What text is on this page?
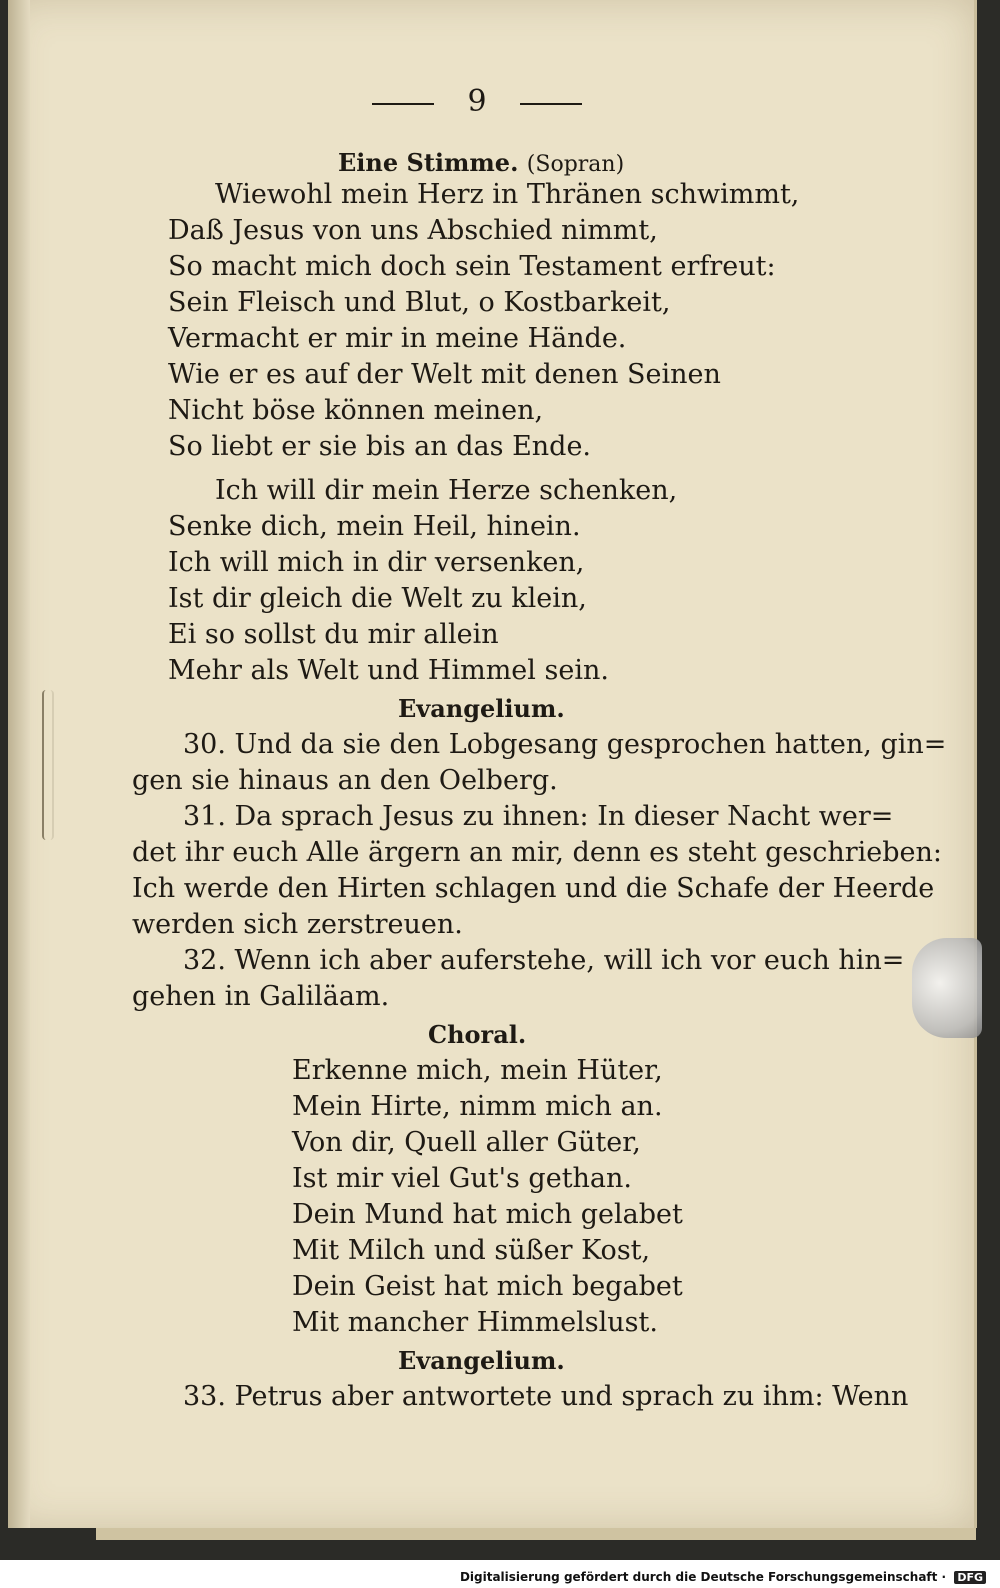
9
Eine Stimme. (Sopran)
Wiewohl mein Herz in Thränen schwimmt,
Daß Jesus von uns Abschied nimmt,
So macht mich doch sein Testament erfreut:
Sein Fleisch und Blut, o Kostbarkeit,
Vermacht er mir in meine Hände.
Wie er es auf der Welt mit denen Seinen
Nicht böse können meinen,
So liebt er sie bis an das Ende.
Ich will dir mein Herze schenken,
Senke dich, mein Heil, hinein.
Ich will mich in dir versenken,
Ist dir gleich die Welt zu klein,
Ei so sollst du mir allein
Mehr als Welt und Himmel sein.
Evangelium.
30. Und da sie den Lobgesang gesprochen hatten, gin=
gen sie hinaus an den Oelberg.
31. Da sprach Jesus zu ihnen: In dieser Nacht wer=
det ihr euch Alle ärgern an mir, denn es steht geschrieben:
Ich werde den Hirten schlagen und die Schafe der Heerde
werden sich zerstreuen.
32. Wenn ich aber auferstehe, will ich vor euch hin=
gehen in Galiläam.
Choral.
Erkenne mich, mein Hüter,
Mein Hirte, nimm mich an.
Von dir, Quell aller Güter,
Ist mir viel Gut's gethan.
Dein Mund hat mich gelabet
Mit Milch und süßer Kost,
Dein Geist hat mich begabet
Mit mancher Himmelslust.
Evangelium.
33. Petrus aber antwortete und sprach zu ihm: Wenn
Digitalisierung gefördert durch die Deutsche Forschungsgemeinschaft · DFG
